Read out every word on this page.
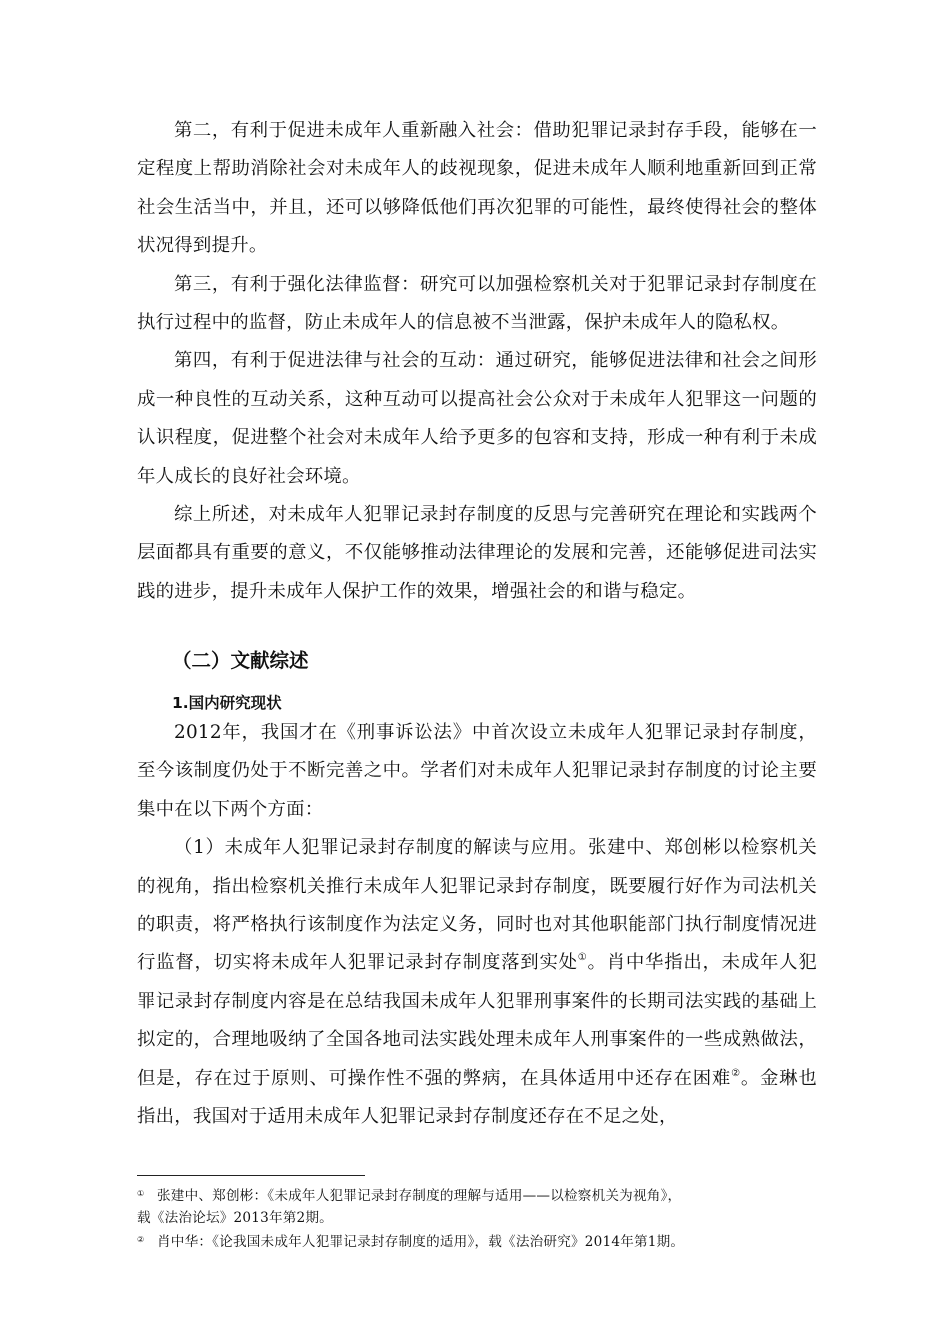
第二，有利于促进未成年人重新融入社会：借助犯罪记录封存手段，能够在一定程度上帮助消除社会对未成年人的歧视现象，促进未成年人顺利地重新回到正常社会生活当中，并且，还可以够降低他们再次犯罪的可能性，最终使得社会的整体状况得到提升。

第三，有利于强化法律监督：研究可以加强检察机关对于犯罪记录封存制度在执行过程中的监督，防止未成年人的信息被不当泄露，保护未成年人的隐私权。

第四，有利于促进法律与社会的互动：通过研究，能够促进法律和社会之间形成一种良性的互动关系，这种互动可以提高社会公众对于未成年人犯罪这一问题的认识程度，促进整个社会对未成年人给予更多的包容和支持，形成一种有利于未成年人成长的良好社会环境。

综上所述，对未成年人犯罪记录封存制度的反思与完善研究在理论和实践两个层面都具有重要的意义，不仅能够推动法律理论的发展和完善，还能够促进司法实践的进步，提升未成年人保护工作的效果，增强社会的和谐与稳定。

（二）文献综述
1.国内研究现状

2012年，我国才在《刑事诉讼法》中首次设立未成年人犯罪记录封存制度，至今该制度仍处于不断完善之中。学者们对未成年人犯罪记录封存制度的讨论主要集中在以下两个方面：

（1）未成年人犯罪记录封存制度的解读与应用。张建中、郑创彬以检察机关的视角，指出检察机关推行未成年人犯罪记录封存制度，既要履行好作为司法机关的职责，将严格执行该制度作为法定义务，同时也对其他职能部门执行制度情况进行监督，切实将未成年人犯罪记录封存制度落到实处①。肖中华指出，未成年人犯罪记录封存制度内容是在总结我国未成年人犯罪刑事案件的长期司法实践的基础上拟定的，合理地吸纳了全国各地司法实践处理未成年人刑事案件的一些成熟做法，但是，存在过于原则、可操作性不强的弊病，在具体适用中还存在困难②。金琳也指出，我国对于适用未成年人犯罪记录封存制度还存在不足之处，

① 张建中、郑创彬：《未成年人犯罪记录封存制度的理解与适用——以检察机关为视角》，

载《法治论坛》2013年第2期。

② 肖中华：《论我国未成年人犯罪记录封存制度的适用》，载《法治研究》2014年第1期。
